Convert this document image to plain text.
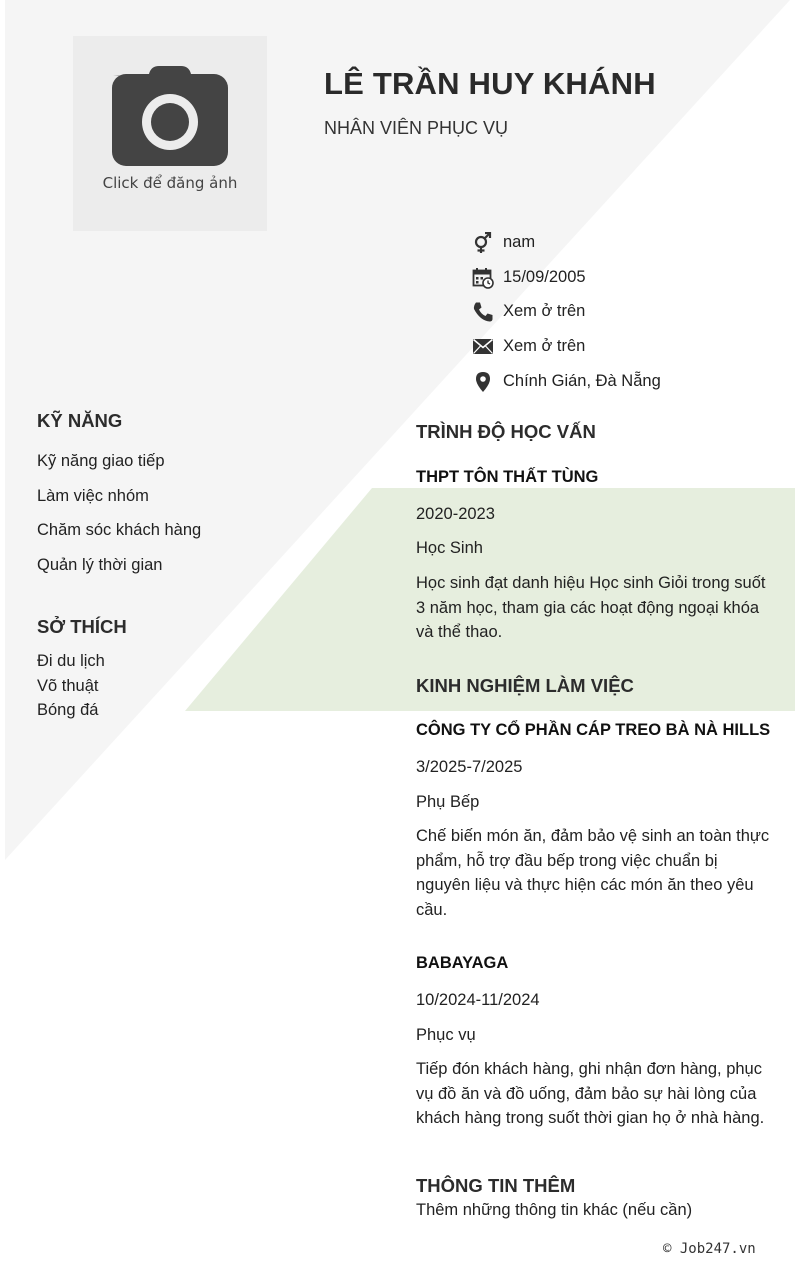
Click để đăng ảnh
LÊ TRẦN HUY KHÁNH
NHÂN VIÊN PHỤC VỤ
nam
15/09/2005
Xem ở trên
Xem ở trên
Chính Gián, Đà Nẵng
KỸ NĂNG
Kỹ năng giao tiếp
Làm việc nhóm
Chăm sóc khách hàng
Quản lý thời gian
SỞ THÍCH
Đi du lịch
Võ thuật
Bóng đá
TRÌNH ĐỘ HỌC VẤN
THPT TÔN THẤT TÙNG
2020-2023
Học Sinh
Học sinh đạt danh hiệu Học sinh Giỏi trong suốt 3 năm học, tham gia các hoạt động ngoại khóa và thể thao.
KINH NGHIỆM LÀM VIỆC
CÔNG TY CỔ PHẦN CÁP TREO BÀ NÀ HILLS
3/2025-7/2025
Phụ Bếp
Chế biến món ăn, đảm bảo vệ sinh an toàn thực phẩm, hỗ trợ đầu bếp trong việc chuẩn bị nguyên liệu và thực hiện các món ăn theo yêu cầu.
BABAYAGA
10/2024-11/2024
Phục vụ
Tiếp đón khách hàng, ghi nhận đơn hàng, phục vụ đồ ăn và đồ uống, đảm bảo sự hài lòng của khách hàng trong suốt thời gian họ ở nhà hàng.
THÔNG TIN THÊM
Thêm những thông tin khác (nếu cần)
© Job247.vn
